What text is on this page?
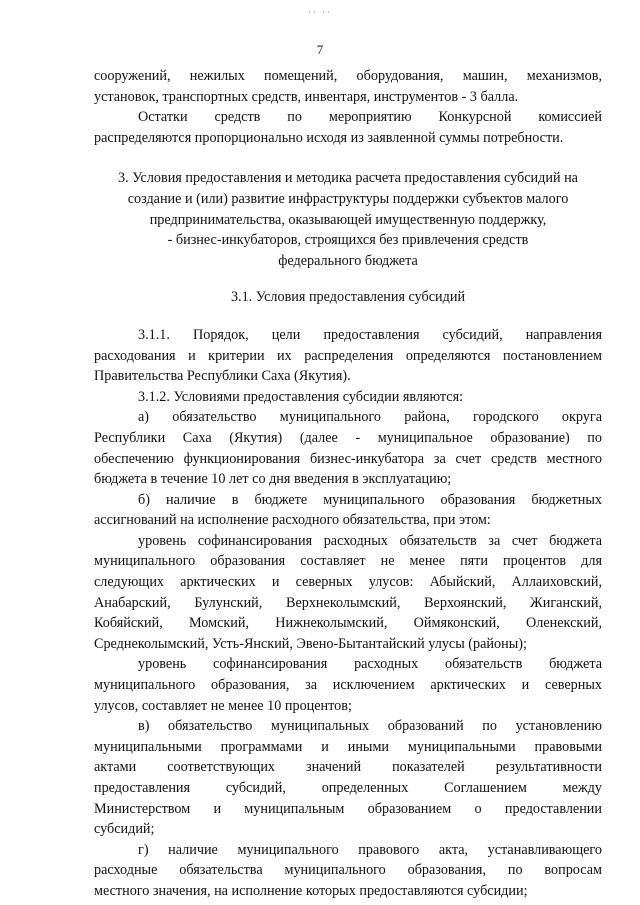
·· ··
7
сооружений, нежилых помещений, оборудования, машин, механизмов,
установок, транспортных средств, инвентаря, инструментов - 3 балла.
Остатки средств по мероприятию Конкурсной комиссией
распределяются пропорционально исходя из заявленной суммы потребности.

3. Условия предоставления и методика расчета предоставления субсидий на

создание и (или) развитие инфраструктуры поддержки субъектов малого

предпринимательства, оказывающей имущественную поддержку,

- бизнес-инкубаторов, строящихся без привлечения средств

федерального бюджета

3.1. Условия предоставления субсидий

3.1.1. Порядок, цели предоставления субсидий, направления
расходования и критерии их распределения определяются постановлением
Правительства Республики Саха (Якутия).
3.1.2. Условиями предоставления субсидии являются:
а) обязательство муниципального района, городского округа
Республики Саха (Якутия) (далее - муниципальное образование) по
обеспечению функционирования бизнес-инкубатора за счет средств местного
бюджета в течение 10 лет со дня введения в эксплуатацию;
б) наличие в бюджете муниципального образования бюджетных
ассигнований на исполнение расходного обязательства, при этом:
уровень софинансирования расходных обязательств за счет бюджета
муниципального образования составляет не менее пяти процентов для
следующих арктических и северных улусов: Абыйский, Аллаиховский,
Анабарский, Булунский, Верхнеколымский, Верхоянский, Жиганский,
Кобяйский, Момский, Нижнеколымский, Оймяконский, Оленекский,
Среднеколымский, Усть-Янский, Эвено-Бытантайский улусы (районы);
уровень софинансирования расходных обязательств бюджета
муниципального образования, за исключением арктических и северных
улусов, составляет не менее 10 процентов;
в) обязательство муниципальных образований по установлению
муниципальными программами и иными муниципальными правовыми
актами соответствующих значений показателей результативности
предоставления субсидий, определенных Соглашением между
Министерством и муниципальным образованием о предоставлении
субсидий;
г) наличие муниципального правового акта, устанавливающего
расходные обязательства муниципального образования, по вопросам
местного значения, на исполнение которых предоставляются субсидии;
